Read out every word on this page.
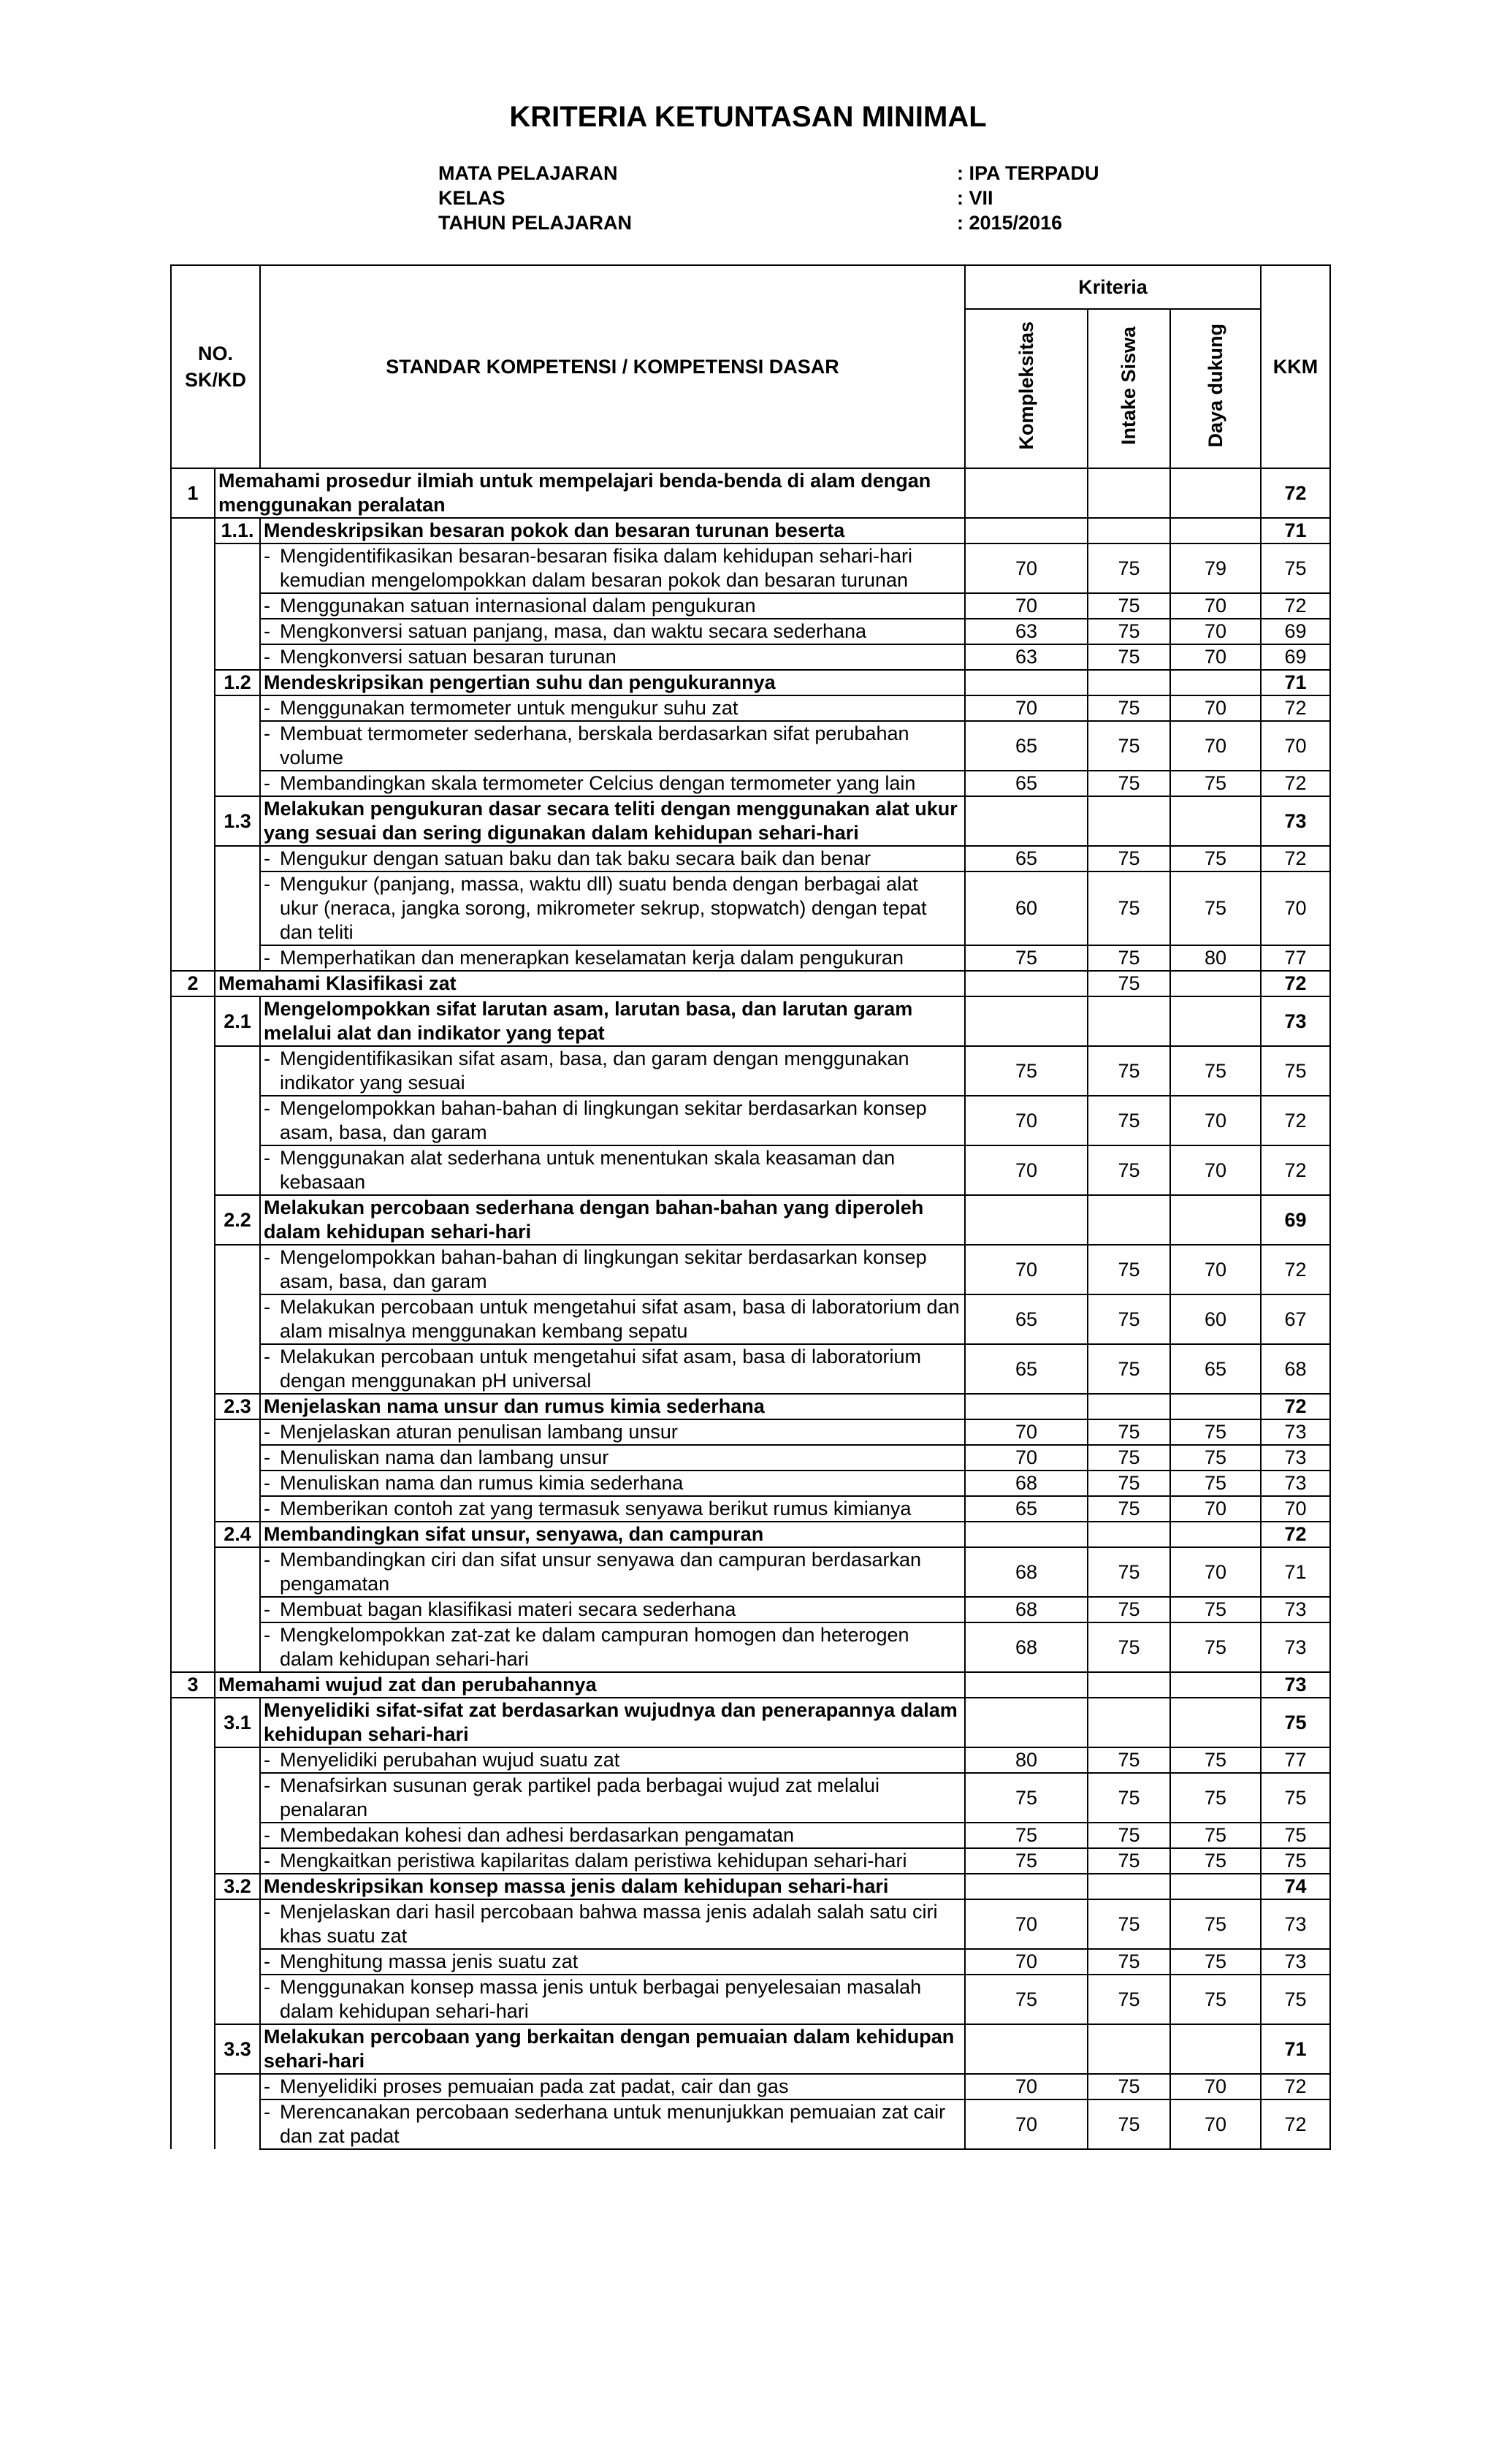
KRITERIA KETUNTASAN MINIMAL
MATA PELAJARAN	: IPA TERPADU
KELAS	: VII
TAHUN PELAJARAN	: 2015/2016
NO. SK/KD		STANDAR KOMPETENSI / KOMPETENSI DASAR	Kriteria			KKM
			Kompleksitas	Intake Siswa	Daya dukung	
1	Memahami prosedur ilmiah untuk mempelajari benda-benda di alam dengan menggunakan peralatan					72
	1.1.	Mendeskripsikan besaran pokok dan besaran turunan beserta				71

		- Mengidentifikasikan besaran-besaran fisika dalam kehidupan sehari-hari kemudian mengelompokkan dalam besaran pokok dan besaran turunan	70	75	79	75

		- Menggunakan satuan internasional dalam pengukuran	70	75	70	72

		- Mengkonversi satuan panjang, masa, dan waktu secara sederhana	63	75	70	69

		- Mengkonversi satuan besaran turunan	63	75	70	69
	1.2	Mendeskripsikan pengertian suhu dan pengukurannya				71

		- Menggunakan termometer untuk mengukur suhu zat	70	75	70	72

		- Membuat termometer sederhana, berskala berdasarkan sifat perubahan volume	65	75	70	70

		- Membandingkan skala termometer Celcius dengan termometer yang lain	65	75	75	72
	1.3	Melakukan pengukuran dasar secara teliti dengan menggunakan alat ukur yang sesuai dan sering digunakan dalam kehidupan sehari-hari				73

		- Mengukur dengan satuan baku dan tak baku secara baik dan benar	65	75	75	72

		- Mengukur (panjang, massa, waktu dll) suatu benda dengan berbagai alat ukur (neraca, jangka sorong, mikrometer sekrup, stopwatch) dengan tepat dan teliti	60	75	75	70

		- Memperhatikan dan menerapkan keselamatan kerja dalam pengukuran	75	75	80	77
2	Memahami Klasifikasi zat			75		72
	2.1	Mengelompokkan sifat larutan asam, larutan basa, dan larutan garam melalui alat dan indikator yang tepat				73

		- Mengidentifikasikan sifat asam, basa, dan garam dengan menggunakan indikator yang sesuai	75	75	75	75

		- Mengelompokkan bahan-bahan di lingkungan sekitar berdasarkan konsep asam, basa, dan garam	70	75	70	72

		- Menggunakan alat sederhana untuk menentukan skala keasaman dan kebasaan	70	75	70	72
	2.2	Melakukan percobaan sederhana dengan bahan-bahan yang diperoleh dalam kehidupan sehari-hari				69

		- Mengelompokkan bahan-bahan di lingkungan sekitar berdasarkan konsep asam, basa, dan garam	70	75	70	72

		- Melakukan percobaan untuk mengetahui sifat asam, basa di laboratorium dan alam misalnya menggunakan kembang sepatu	65	75	60	67

		- Melakukan percobaan untuk mengetahui sifat asam, basa di laboratorium dengan menggunakan pH universal	65	75	65	68
	2.3	Menjelaskan nama unsur dan rumus kimia sederhana				72

		- Menjelaskan aturan penulisan lambang unsur	70	75	75	73

		- Menuliskan nama dan lambang unsur	70	75	75	73

		- Menuliskan nama dan rumus kimia sederhana	68	75	75	73

		- Memberikan contoh zat yang termasuk senyawa berikut rumus kimianya	65	75	70	70
	2.4	Membandingkan sifat unsur, senyawa, dan campuran				72

		- Membandingkan ciri dan sifat unsur senyawa dan campuran berdasarkan pengamatan	68	75	70	71

		- Membuat bagan klasifikasi materi secara sederhana	68	75	75	73

		- Mengkelompokkan zat-zat ke dalam campuran homogen dan heterogen dalam kehidupan sehari-hari	68	75	75	73
3	Memahami wujud zat dan perubahannya					73
	3.1	Menyelidiki sifat-sifat zat berdasarkan wujudnya dan penerapannya dalam kehidupan sehari-hari				75

		- Menyelidiki perubahan wujud suatu zat	80	75	75	77

		- Menafsirkan susunan gerak partikel pada berbagai wujud zat melalui penalaran	75	75	75	75

		- Membedakan kohesi dan adhesi berdasarkan pengamatan	75	75	75	75

		- Mengkaitkan peristiwa kapilaritas dalam peristiwa kehidupan sehari-hari	75	75	75	75
	3.2	Mendeskripsikan konsep massa jenis dalam kehidupan sehari-hari				74

		- Menjelaskan dari hasil percobaan bahwa massa jenis adalah salah satu ciri khas suatu zat	70	75	75	73

		- Menghitung massa jenis suatu zat	70	75	75	73

		- Menggunakan konsep massa jenis untuk berbagai penyelesaian masalah dalam kehidupan sehari-hari	75	75	75	75
	3.3	Melakukan percobaan yang berkaitan dengan pemuaian dalam kehidupan sehari-hari				71

		- Menyelidiki proses pemuaian pada zat padat, cair dan gas	70	75	70	72

		- Merencanakan percobaan sederhana untuk menunjukkan pemuaian zat cair dan zat padat	70	75	70	72
